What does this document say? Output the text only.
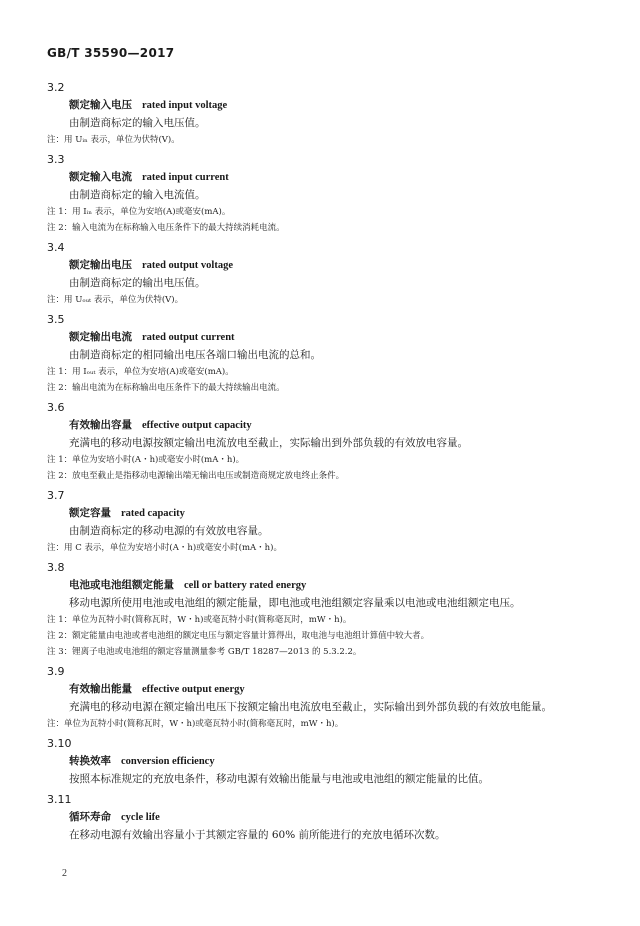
GB/T 35590—2017
3.2
额定输入电压 rated input voltage
由制造商标定的输入电压值。
注：用 Uᵢₙ 表示，单位为伏特(V)。
3.3
额定输入电流 rated input current
由制造商标定的输入电流值。
注 1：用 Iᵢₙ 表示，单位为安培(A)或毫安(mA)。
注 2：输入电流为在标称输入电压条件下的最大持续消耗电流。
3.4
额定输出电压 rated output voltage
由制造商标定的输出电压值。
注：用 Uₒᵤₜ 表示，单位为伏特(V)。
3.5
额定输出电流 rated output current
由制造商标定的相同输出电压各端口输出电流的总和。
注 1：用 Iₒᵤₜ 表示，单位为安培(A)或毫安(mA)。
注 2：输出电流为在标称输出电压条件下的最大持续输出电流。
3.6
有效输出容量 effective output capacity
充满电的移动电源按额定输出电流放电至截止，实际输出到外部负载的有效放电容量。
注 1：单位为安培小时(A・h)或毫安小时(mA・h)。
注 2：放电至截止是指移动电源输出端无输出电压或制造商规定放电终止条件。
3.7
额定容量 rated capacity
由制造商标定的移动电源的有效放电容量。
注：用 C 表示，单位为安培小时(A・h)或毫安小时(mA・h)。
3.8
电池或电池组额定能量 cell or battery rated energy
移动电源所使用电池或电池组的额定能量，即电池或电池组额定容量乘以电池或电池组额定电压。
注 1：单位为瓦特小时(简称瓦时，W・h)或毫瓦特小时(简称毫瓦时，mW・h)。
注 2：额定能量由电池或者电池组的额定电压与额定容量计算得出，取电池与电池组计算值中较大者。
注 3：锂离子电池或电池组的额定容量测量参考 GB/T 18287—2013 的 5.3.2.2。
3.9
有效输出能量 effective output energy
充满电的移动电源在额定输出电压下按额定输出电流放电至截止，实际输出到外部负载的有效放电能量。
注：单位为瓦特小时(简称瓦时，W・h)或毫瓦特小时(简称毫瓦时，mW・h)。
3.10
转换效率 conversion efficiency
按照本标准规定的充放电条件，移动电源有效输出能量与电池或电池组的额定能量的比值。
3.11
循环寿命 cycle life
在移动电源有效输出容量小于其额定容量的 60% 前所能进行的充放电循环次数。
2
